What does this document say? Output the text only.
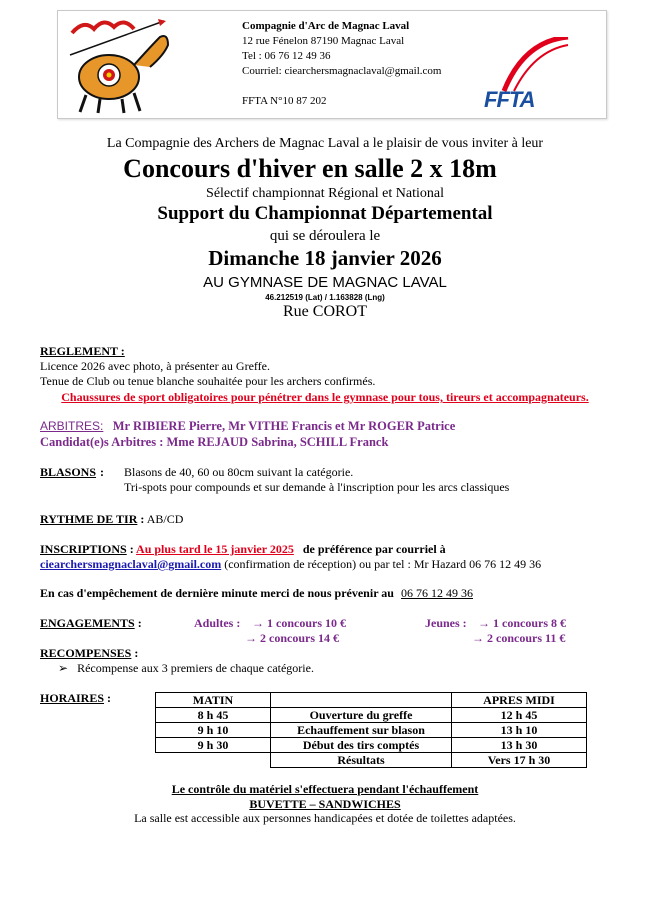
Compagnie d'Arc de Magnac Laval
12 rue Fénelon 87190 Magnac Laval
Tel : 06 76 12 49 36
Courriel: ciearchersmagnaclaval@gmail.com
FFTA N°10 87 202	FFTA
La Compagnie des Archers de Magnac Laval a le plaisir de vous inviter à leur
Concours d'hiver en salle 2 x 18m
Sélectif championnat Régional et National
Support du Championnat Départemental
qui se déroulera le
Dimanche 18 janvier 2026
AU GYMNASE DE MAGNAC LAVAL
46.212519 (Lat) / 1.163828 (Lng)
Rue COROT
REGLEMENT :
Licence 2026 avec photo, à présenter au Greffe.
Tenue de Club ou tenue blanche souhaitée pour les archers confirmés.
Chaussures de sport obligatoires pour pénétrer dans le gymnase pour tous, tireurs et accompagnateurs.
ARBITRES: Mr RIBIERE Pierre, Mr VITHE Francis et Mr ROGER Patrice
Candidat(e)s Arbitres : Mme REJAUD Sabrina, SCHILL Franck
BLASONS : Blasons de 40, 60 ou 80cm suivant la catégorie.
Tri-spots pour compounds et sur demande à l'inscription pour les arcs classiques
RYTHME DE TIR : AB/CD
INSCRIPTIONS : Au plus tard le 15 janvier 2025 de préférence par courriel à
ciearchersmagnaclaval@gmail.com (confirmation de réception) ou par tel : Mr Hazard 06 76 12 49 36
En cas d'empêchement de dernière minute merci de nous prévenir au 06 76 12 49 36
ENGAGEMENTS :	Adultes : → 1 concours 10 €
→ 2 concours 14 €
Jeunes : → 1 concours 8 €
→ 2 concours 11 €
RECOMPENSES :
➢ Récompense aux 3 premiers de chaque catégorie.
HORAIRES :	MATIN		APRES MIDI
8 h 45	Ouverture du greffe	12 h 45
9 h 10	Echauffement sur blason	13 h 10
9 h 30	Début des tirs comptés	13 h 30
	Résultats	Vers 17 h 30
Le contrôle du matériel s'effectuera pendant l'échauffement
BUVETTE – SANDWICHES
La salle est accessible aux personnes handicapées et dotée de toilettes adaptées.
